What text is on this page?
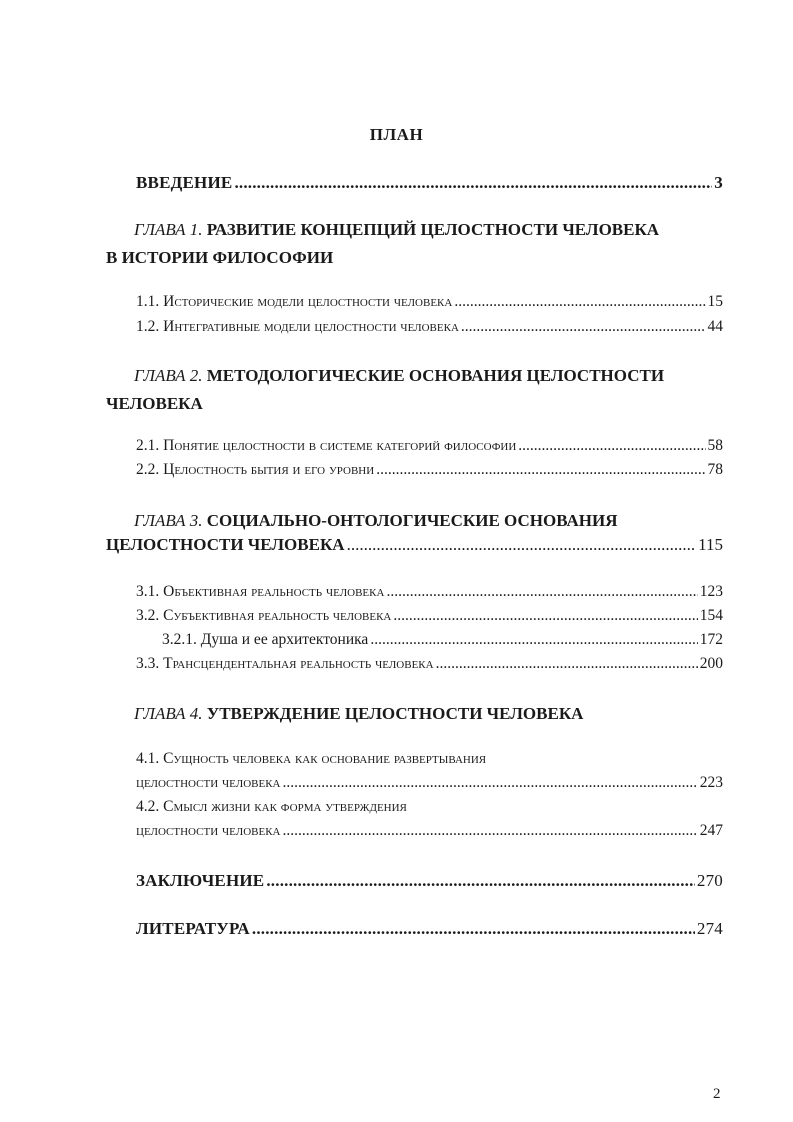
ПЛАН
ВВЕДЕНИЕ .....	3
ГЛАВА 1. РАЗВИТИЕ КОНЦЕПЦИЙ ЦЕЛОСТНОСТИ ЧЕЛОВЕКА
В ИСТОРИИ ФИЛОСОФИИ
1.1. Исторические модели целостности человека .....	15
1.2. Интегративные модели целостности человека .....	44
ГЛАВА 2. МЕТОДОЛОГИЧЕСКИЕ ОСНОВАНИЯ ЦЕЛОСТНОСТИ
ЧЕЛОВЕКА
2.1. Понятие целостности в системе категорий философии .....	58
2.2. Целостность бытия и его уровни .....	78
ГЛАВА 3. СОЦИАЛЬНО-ОНТОЛОГИЧЕСКИЕ ОСНОВАНИЯ
ЦЕЛОСТНОСТИ ЧЕЛОВЕКА .....	115
3.1. Объективная реальность человека .....	123
3.2. Субъективная реальность человека .....	154
3.2.1. Душа и ее архитектоника .....	172
3.3. Трансцендентальная реальность человека .....	200
ГЛАВА 4. УТВЕРЖДЕНИЕ ЦЕЛОСТНОСТИ ЧЕЛОВЕКА
4.1. Сущность человека как основание развертывания
целостности человека .....	223
4.2. Смысл жизни как форма утверждения
целостности человека .....	247
ЗАКЛЮЧЕНИЕ .....	270
ЛИТЕРАТУРА .....	274
2
